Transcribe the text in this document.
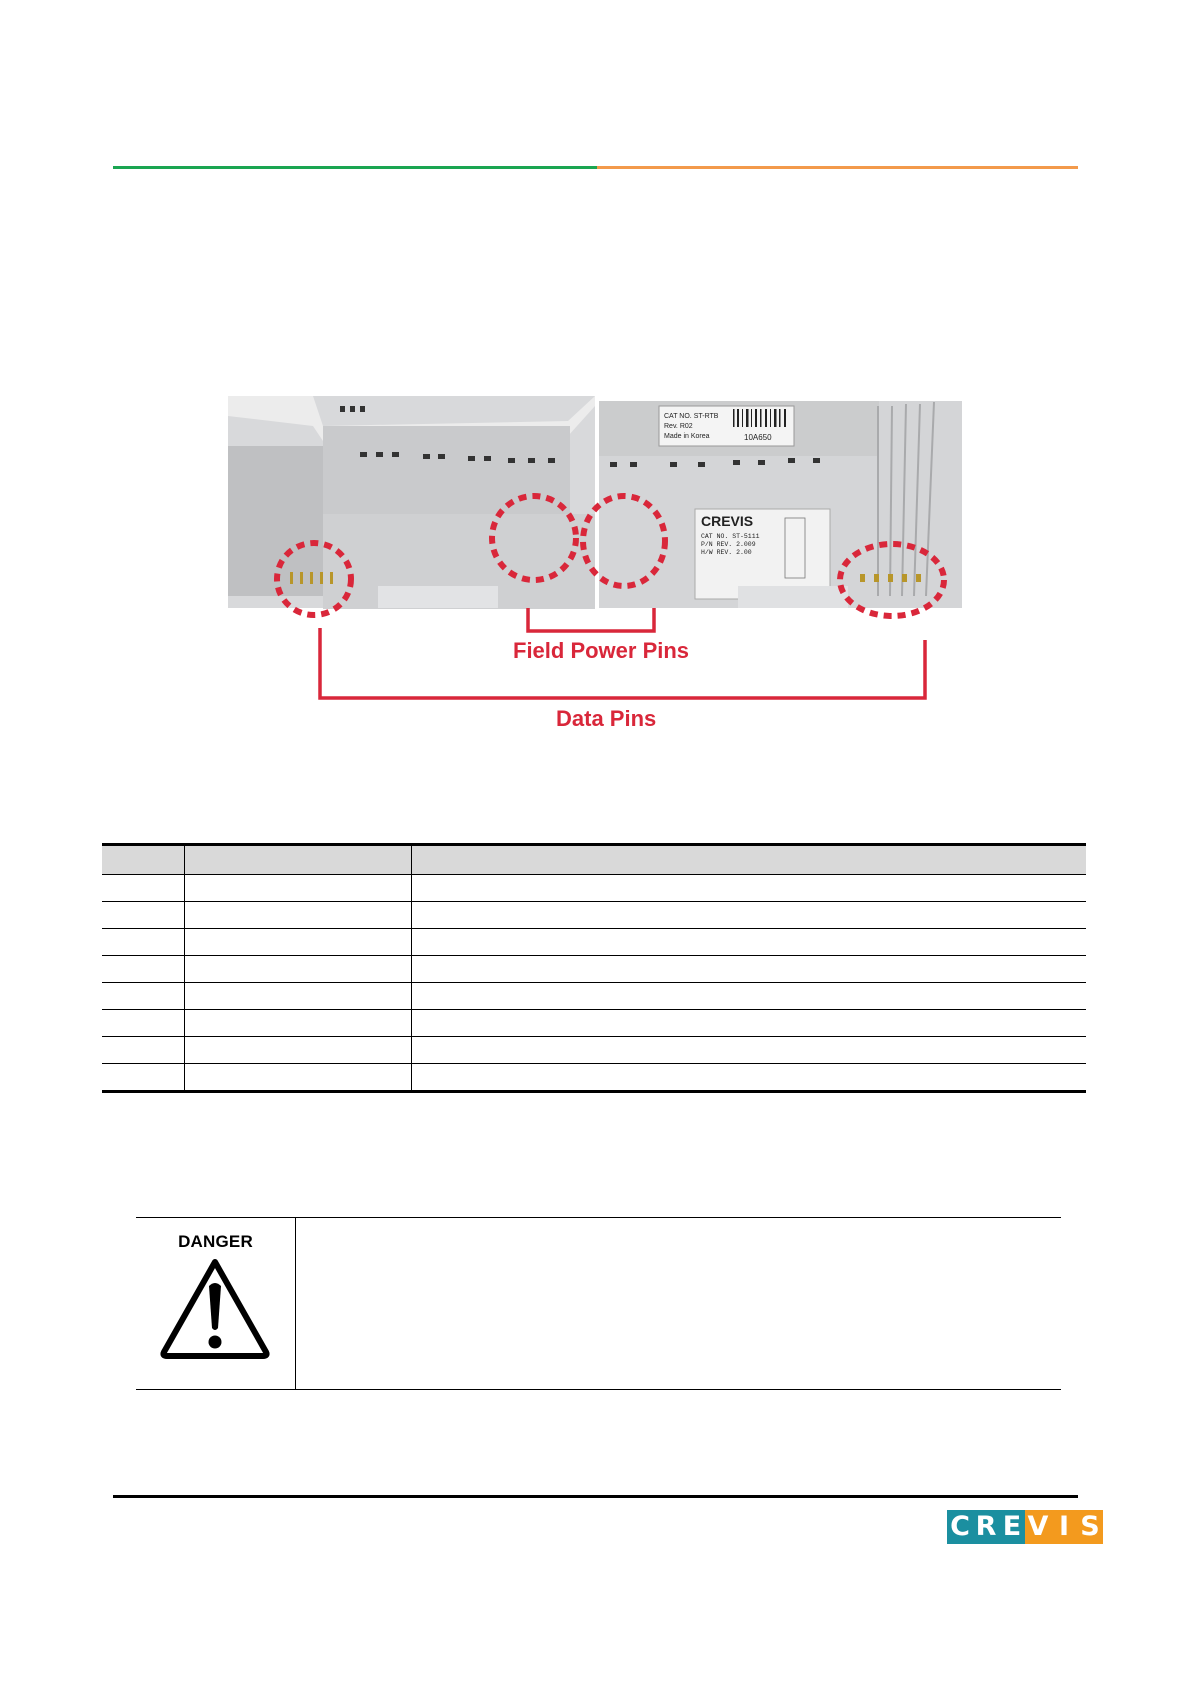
CAT NO. ST-RTB
Rev. R02
Made in Korea	10A650
CREVIS
CAT NO. ST-5111
P/N REV. 2.009
H/W REV. 2.00
Field Power Pins
Data Pins

DANGER
C R E V I S
